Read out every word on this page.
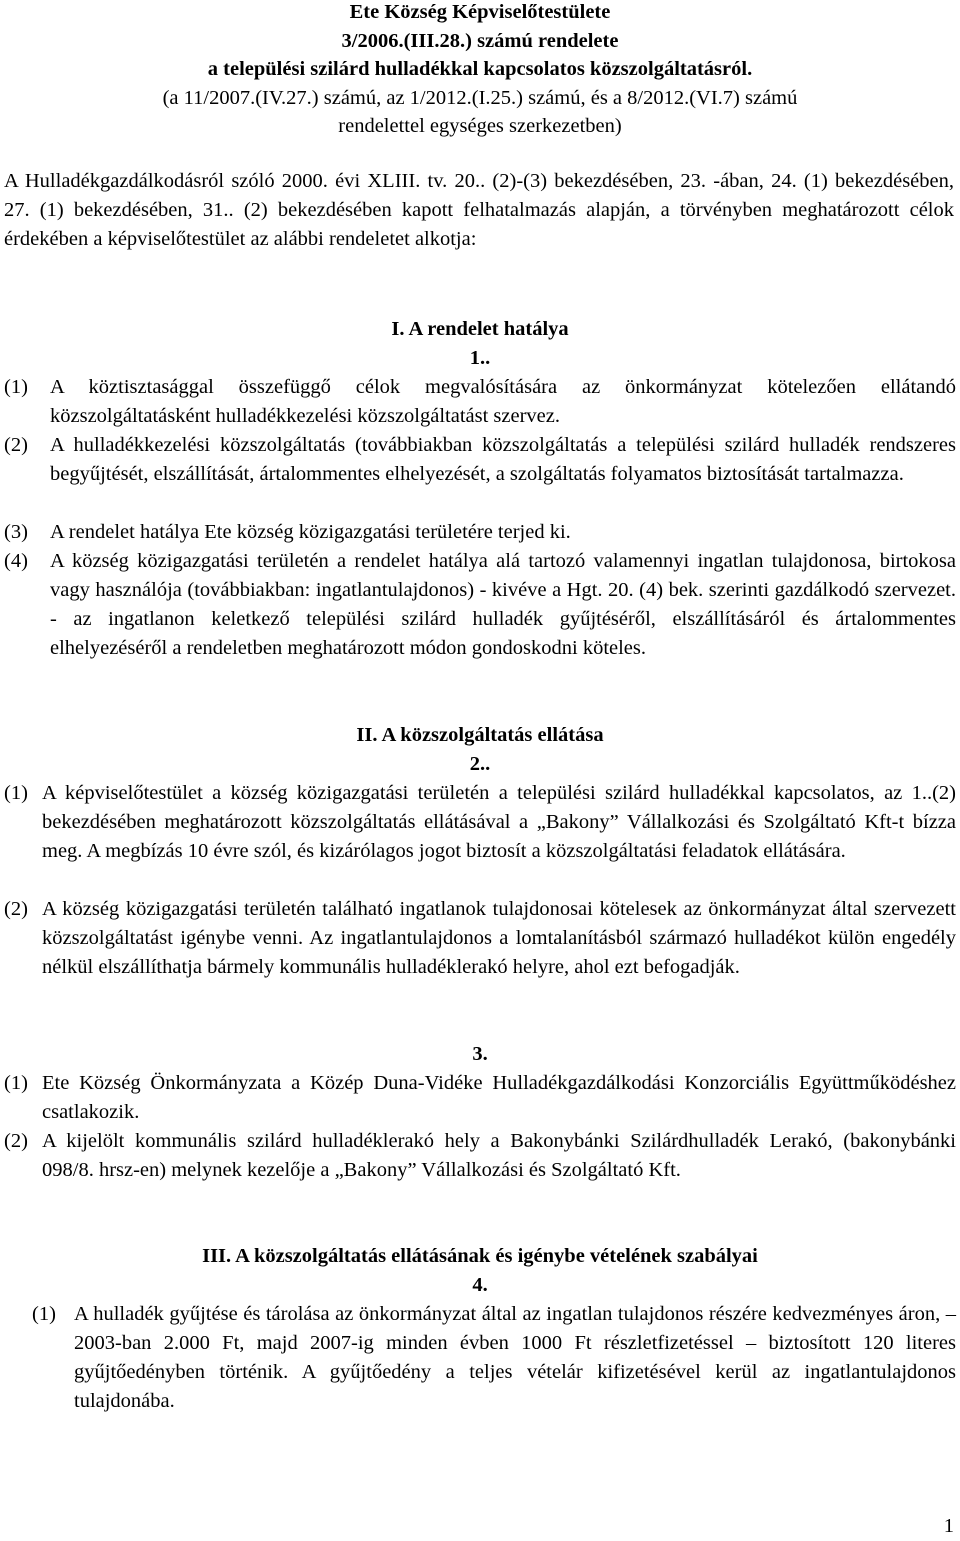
Ete Község Képviselőtestülete
3/2006.(III.28.) számú rendelete
a települési szilárd hulladékkal kapcsolatos közszolgáltatásról.
(a 11/2007.(IV.27.) számú, az 1/2012.(I.25.) számú, és a 8/2012.(VI.7) számú
rendelettel egységes szerkezetben)
A Hulladékgazdálkodásról szóló 2000. évi XLIII. tv. 20.. (2)-(3) bekezdésében, 23. -ában, 24. (1) bekezdésében, 27. (1) bekezdésében, 31.. (2) bekezdésében kapott felhatalmazás alapján, a törvényben meghatározott célok érdekében a képviselőtestület az alábbi rendeletet alkotja:
I. A rendelet hatálya
1..
(1)	A köztisztasággal összefüggő célok megvalósítására az önkormányzat kötelezően ellátandó közszolgáltatásként hulladékkezelési közszolgáltatást szervez.
(2)	A hulladékkezelési közszolgáltatás (továbbiakban közszolgáltatás a települési szilárd hulladék rendszeres begyűjtését, elszállítását, ártalommentes elhelyezését, a szolgáltatás folyamatos biztosítását tartalmazza.
(3)	A rendelet hatálya Ete község közigazgatási területére terjed ki.
(4)	A község közigazgatási területén a rendelet hatálya alá tartozó valamennyi ingatlan tulajdonosa, birtokosa vagy használója (továbbiakban: ingatlantulajdonos) - kivéve a Hgt. 20. (4) bek. szerinti gazdálkodó szervezet. - az ingatlanon keletkező települési szilárd hulladék gyűjtéséről, elszállításáról és ártalommentes elhelyezéséről a rendeletben meghatározott módon gondoskodni köteles.
II. A közszolgáltatás ellátása
2..
(1) A képviselőtestület a község közigazgatási területén a települési szilárd hulladékkal kapcsolatos, az 1..(2) bekezdésében meghatározott közszolgáltatás ellátásával a „Bakony” Vállalkozási és Szolgáltató Kft-t bízza meg. A megbízás 10 évre szól, és kizárólagos jogot biztosít a közszolgáltatási feladatok ellátására.
(2) A község közigazgatási területén található ingatlanok tulajdonosai kötelesek az önkormányzat által szervezett közszolgáltatást igénybe venni. Az ingatlantulajdonos a lomtalanításból származó hulladékot külön engedély nélkül elszállíthatja bármely kommunális hulladéklerakó helyre, ahol ezt befogadják.
3.
(1) Ete Község Önkormányzata a Közép Duna-Vidéke Hulladékgazdálkodási Konzorciális Együttműködéshez csatlakozik.
(2) A kijelölt kommunális szilárd hulladéklerakó hely a Bakonybánki Szilárdhulladék Lerakó, (bakonybánki 098/8. hrsz-en) melynek kezelője a „Bakony” Vállalkozási és Szolgáltató Kft.
III. A közszolgáltatás ellátásának és igénybe vételének szabályai
4.
(1) A hulladék gyűjtése és tárolása az önkormányzat által az ingatlan tulajdonos részére kedvezményes áron, – 2003-ban 2.000 Ft, majd 2007-ig minden évben 1000 Ft részletfizetéssel – biztosított 120 literes gyűjtőedényben történik. A gyűjtőedény a teljes vételár kifizetésével kerül az ingatlantulajdonos tulajdonába.
1
